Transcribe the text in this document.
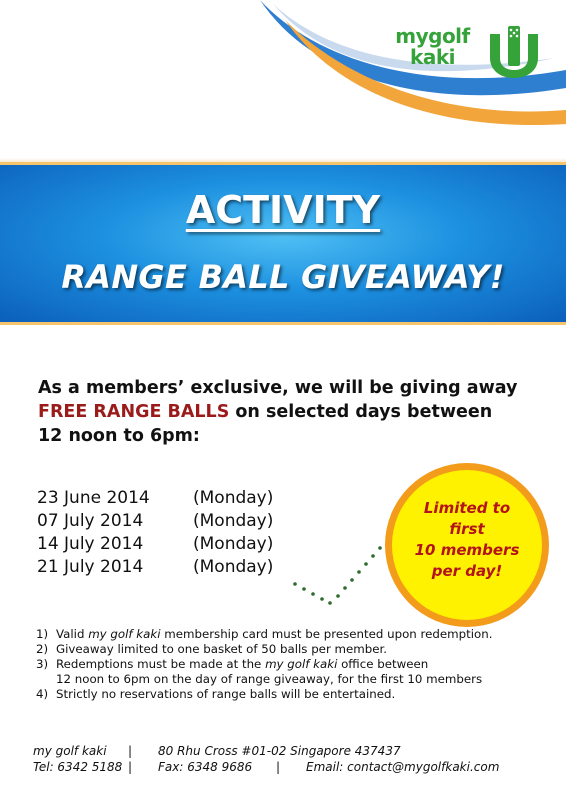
mygolf
kaki
ACTIVITY
RANGE BALL GIVEAWAY!
As a members’ exclusive, we will be giving away
FREE RANGE BALLS on selected days between
12 noon to 6pm:
23 June 2014	(Monday)
07 July 2014	(Monday)
14 July 2014	(Monday)
21 July 2014	(Monday)
Limited to first
10 members
per day!
1) Valid my golf kaki membership card must be presented upon redemption.
2) Giveaway limited to one basket of 50 balls per member.
3) Redemptions must be made at the my golf kaki office between
12 noon to 6pm on the day of range giveaway, for the first 10 members
4) Strictly no reservations of range balls will be entertained.
my golf kaki	|	80 Rhu Cross #01-02 Singapore 437437
Tel: 6342 5188 |	Fax: 6348 9686	|	Email: contact@mygolfkaki.com
